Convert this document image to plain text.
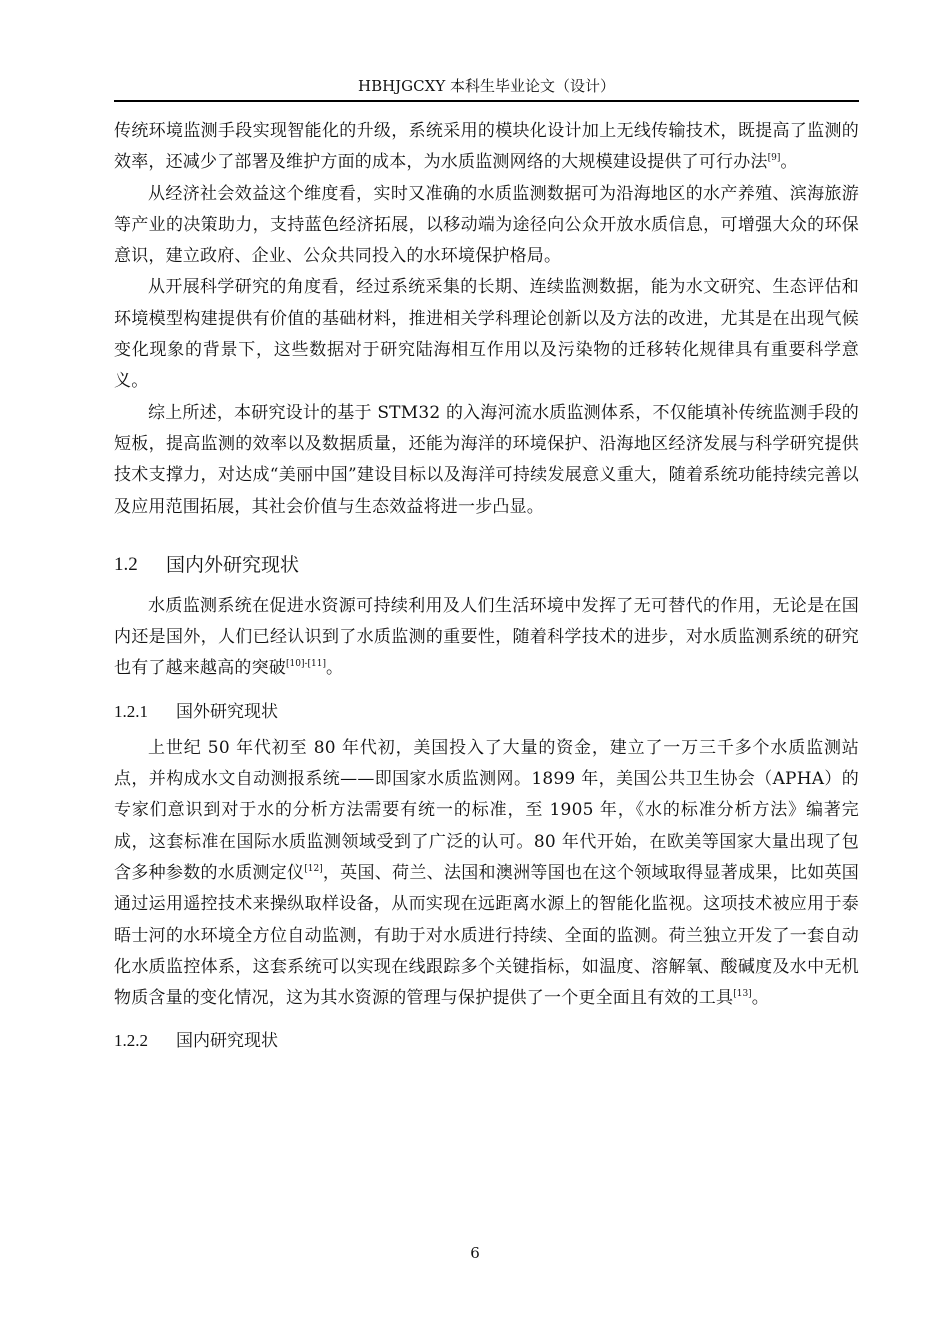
HBHJGCXY 本科生毕业论文（设计）

传统环境监测手段实现智能化的升级，系统采用的模块化设计加上无线传输技术，既提高了监测的效率，还减少了部署及维护方面的成本，为水质监测网络的大规模建设提供了可行办法[9]。

从经济社会效益这个维度看，实时又准确的水质监测数据可为沿海地区的水产养殖、滨海旅游等产业的决策助力，支持蓝色经济拓展，以移动端为途径向公众开放水质信息，可增强大众的环保意识，建立政府、企业、公众共同投入的水环境保护格局。

从开展科学研究的角度看，经过系统采集的长期、连续监测数据，能为水文研究、生态评估和环境模型构建提供有价值的基础材料，推进相关学科理论创新以及方法的改进，尤其是在出现气候变化现象的背景下，这些数据对于研究陆海相互作用以及污染物的迁移转化规律具有重要科学意义。

综上所述，本研究设计的基于 STM32 的入海河流水质监测体系，不仅能填补传统监测手段的短板，提高监测的效率以及数据质量，还能为海洋的环境保护、沿海地区经济发展与科学研究提供技术支撑力，对达成“美丽中国”建设目标以及海洋可持续发展意义重大，随着系统功能持续完善以及应用范围拓展，其社会价值与生态效益将进一步凸显。

1.2	国内外研究现状

水质监测系统在促进水资源可持续利用及人们生活环境中发挥了无可替代的作用，无论是在国内还是国外，人们已经认识到了水质监测的重要性，随着科学技术的进步，对水质监测系统的研究也有了越来越高的突破[10]-[11]。

1.2.1	国外研究现状

上世纪 50 年代初至 80 年代初，美国投入了大量的资金，建立了一万三千多个水质监测站点，并构成水文自动测报系统——即国家水质监测网。1899 年，美国公共卫生协会（APHA）的专家们意识到对于水的分析方法需要有统一的标准，至 1905 年，《水的标准分析方法》编著完成，这套标准在国际水质监测领域受到了广泛的认可。80 年代开始，在欧美等国家大量出现了包含多种参数的水质测定仪[12]，英国、荷兰、法国和澳洲等国也在这个领域取得显著成果，比如英国通过运用遥控技术来操纵取样设备，从而实现在远距离水源上的智能化监视。这项技术被应用于泰晤士河的水环境全方位自动监测，有助于对水质进行持续、全面的监测。荷兰独立开发了一套自动化水质监控体系，这套系统可以实现在线跟踪多个关键指标，如温度、溶解氧、酸碱度及水中无机物质含量的变化情况，这为其水资源的管理与保护提供了一个更全面且有效的工具[13]。

1.2.2	国内研究现状
6
